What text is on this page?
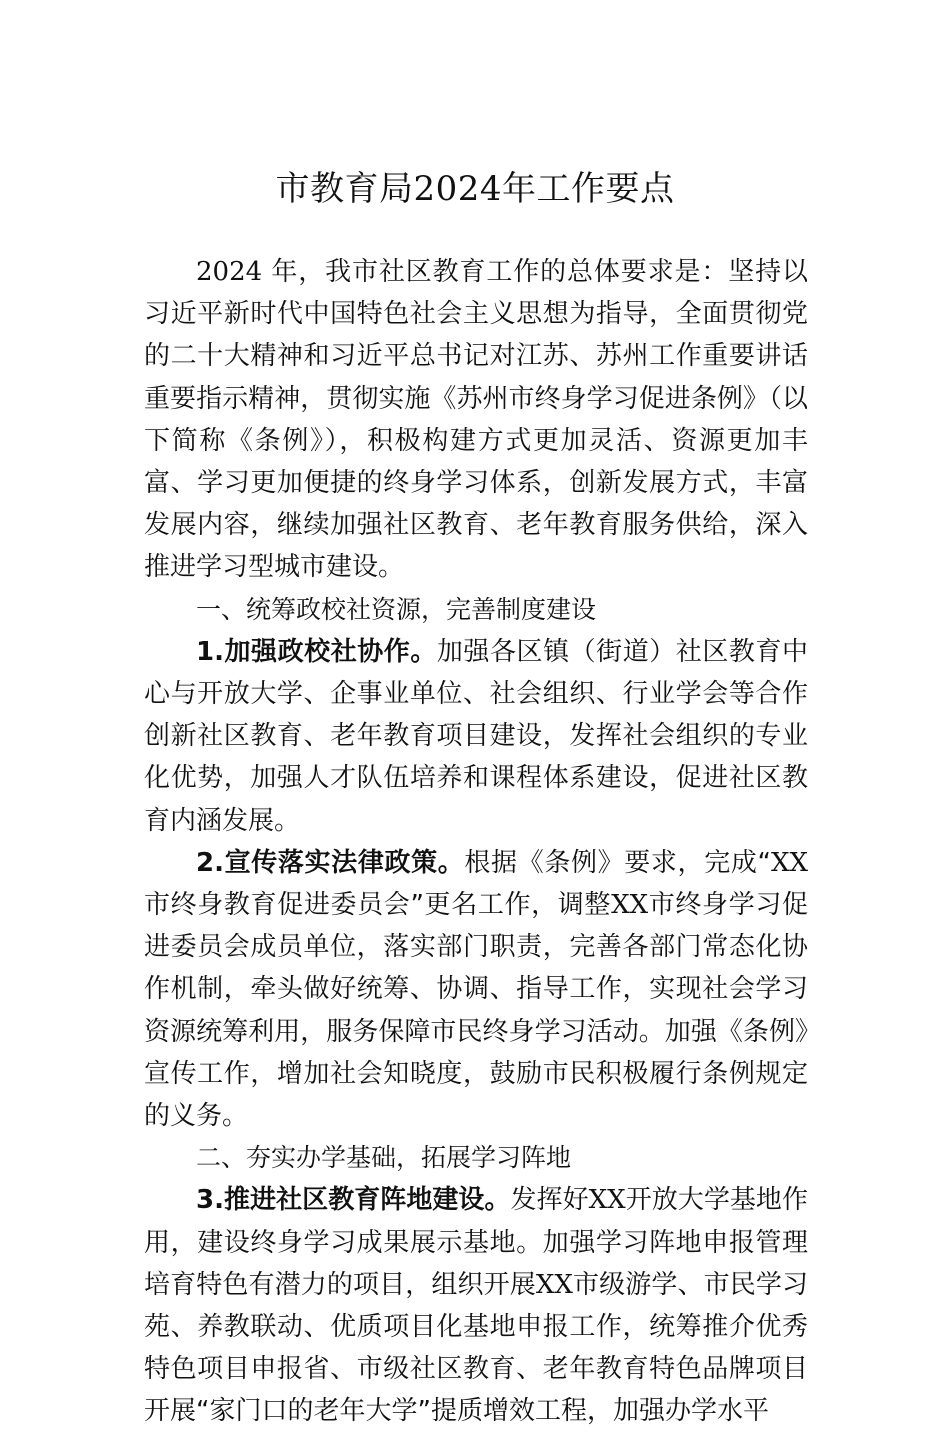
市教育局2024年工作要点

2024 年，我市社区教育工作的总体要求是：坚持以习近平新时代中国特色社会主义思想为指导，全面贯彻党的二十大精神和习近平总书记对江苏、苏州工作重要讲话重要指示精神，贯彻实施《苏州市终身学习促进条例》（以下简称《条例》），积极构建方式更加灵活、资源更加丰富、学习更加便捷的终身学习体系，创新发展方式，丰富发展内容，继续加强社区教育、老年教育服务供给，深入推进学习型城市建设。

一、统筹政校社资源，完善制度建设

1.加强政校社协作。加强各区镇（街道）社区教育中心与开放大学、企事业单位、社会组织、行业学会等合作创新社区教育、老年教育项目建设，发挥社会组织的专业化优势，加强人才队伍培养和课程体系建设，促进社区教育内涵发展。

2.宣传落实法律政策。根据《条例》要求，完成“XX市终身教育促进委员会”更名工作，调整XX市终身学习促进委员会成员单位，落实部门职责，完善各部门常态化协作机制，牵头做好统筹、协调、指导工作，实现社会学习资源统筹利用，服务保障市民终身学习活动。加强《条例》宣传工作，增加社会知晓度，鼓励市民积极履行条例规定的义务。

二、夯实办学基础，拓展学习阵地

3.推进社区教育阵地建设。发挥好XX开放大学基地作用，建设终身学习成果展示基地。加强学习阵地申报管理培育特色有潜力的项目，组织开展XX市级游学、市民学习苑、养教联动、优质项目化基地申报工作，统筹推介优秀特色项目申报省、市级社区教育、老年教育特色品牌项目开展“家门口的老年大学”提质增效工程，加强办学水平
